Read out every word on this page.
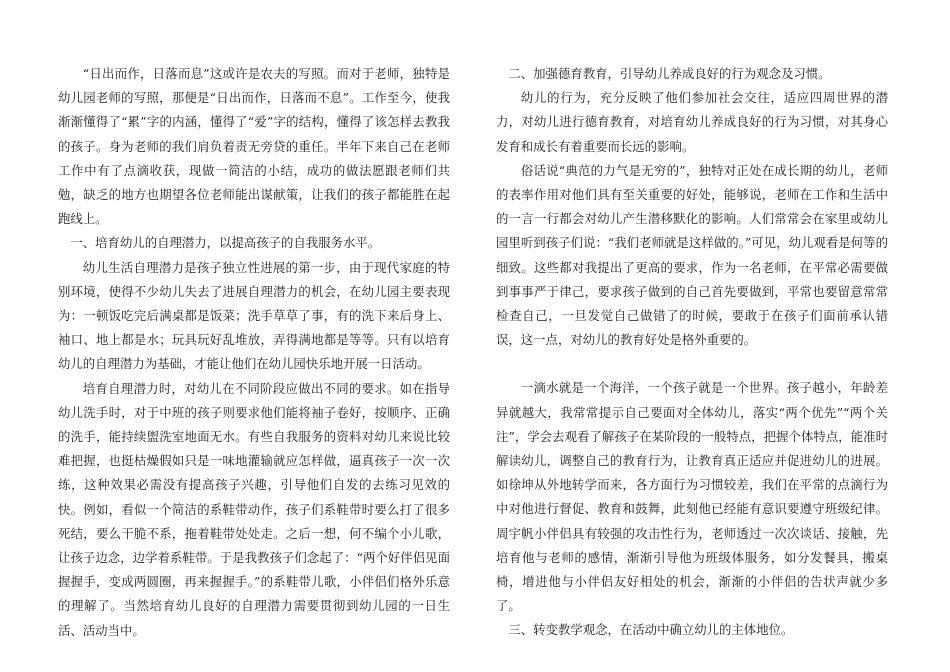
“日出而作，日落而息”这或许是农夫的写照。而对于老师，独特是幼儿园老师的写照，那便是“日出而作，日落而不息”。工作至今，使我渐渐懂得了“累”字的内涵，懂得了“爱”字的结构，懂得了该怎样去教我的孩子。身为老师的我们肩负着责无旁贷的重任。半年下来自己在老师工作中有了点滴收获，现做一简洁的小结，成功的做法愿跟老师们共勉，缺乏的地方也期望各位老师能出谋献策，让我们的孩子都能胜在起跑线上。

一、培育幼儿的自理潜力，以提高孩子的自我服务水平。

幼儿生活自理潜力是孩子独立性进展的第一步，由于现代家庭的特别环境，使得不少幼儿失去了进展自理潜力的机会，在幼儿园主要表现为：一顿饭吃完后满桌都是饭菜；洗手草草了事，有的洗下来后身上、袖口、地上都是水；玩具玩好乱堆放，弄得满地都是等等。只有以培育幼儿的自理潜力为基础，才能让他们在幼儿园快乐地开展一日活动。

培育自理潜力时，对幼儿在不同阶段应做出不同的要求。如在指导幼儿洗手时，对于中班的孩子则要求他们能将袖子卷好，按顺序、正确的洗手，能持续盥洗室地面无水。有些自我服务的资料对幼儿来说比较难把握，也挺枯燥假如只是一味地灌输就应怎样做，逼真孩子一次一次练，这种效果必需没有提高孩子兴趣，引导他们自发的去练习见效的快。例如，看似一个简洁的系鞋带动作，孩子们系鞋带时要么打了很多死结，要么干脆不系，拖着鞋带处处走。之后一想，何不编个小儿歌，让孩子边念，边学着系鞋带。于是我教孩子们念起了：“两个好伴侣见面握握手，变成两圆圈，再来握握手。”的系鞋带儿歌，小伴侣们格外乐意的理解了。当然培育幼儿良好的自理潜力需要贯彻到幼儿园的一日生活、活动当中。

二、加强德育教育，引导幼儿养成良好的行为观念及习惯。

幼儿的行为，充分反映了他们参加社会交往，适应四周世界的潜力，对幼儿进行德育教育，对培育幼儿养成良好的行为习惯，对其身心发育和成长有着重要而长远的影响。

俗话说“典范的力气是无穷的”，独特对正处在成长期的幼儿，老师的表率作用对他们具有至关重要的好处，能够说，老师在工作和生活中的一言一行都会对幼儿产生潜移默化的影响。人们常常会在家里或幼儿园里听到孩子们说：“我们老师就是这样做的。”可见，幼儿观看是何等的细致。这些都对我提出了更高的要求，作为一名老师，在平常必需要做到事事严于律己，要求孩子做到的自己首先要做到，平常也要留意常常检查自己，一旦发觉自己做错了的时候，要敢于在孩子们面前承认错误，这一点，对幼儿的教育好处是格外重要的。

一滴水就是一个海洋，一个孩子就是一个世界。孩子越小，年龄差异就越大，我常常提示自己要面对全体幼儿，落实“两个优先”“两个关注”，学会去观看了解孩子在某阶段的一般特点，把握个体特点，能准时解读幼儿，调整自己的教育行为，让教育真正适应并促进幼儿的进展。如徐坤从外地转学而来，各方面行为习惯较差，我们在平常的点滴行为中对他进行督促、教育和鼓舞，此刻他已经能有意识要遵守班级纪律。周宇帆小伴侣具有较强的攻击性行为，老师透过一次次谈话、接触，先培育他与老师的感情，渐渐引导他为班级体服务，如分发餐具，搬桌椅，增进他与小伴侣友好相处的机会，渐渐的小伴侣的告状声就少多了。

三、转变教学观念，在活动中确立幼儿的主体地位。
